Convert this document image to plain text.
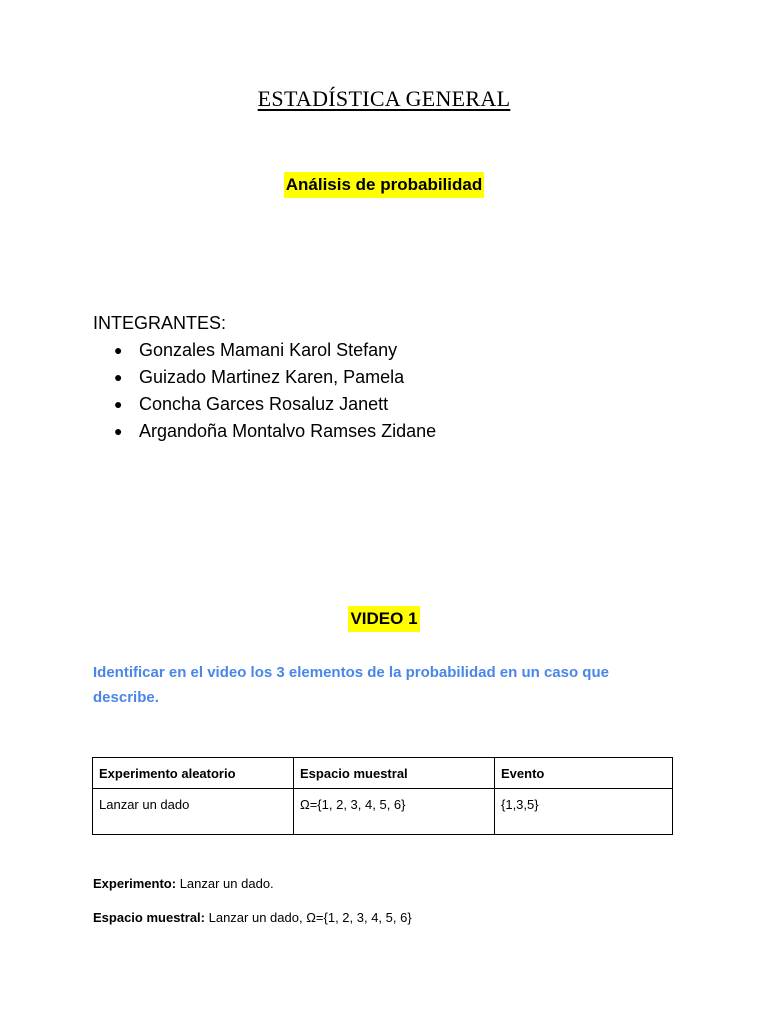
ESTADÍSTICA GENERAL
Análisis de probabilidad

INTEGRANTES:

● Gonzales Mamani Karol Stefany
● Guizado Martinez Karen, Pamela
● Concha Garces Rosaluz Janett
● Argandoña Montalvo Ramses Zidane
VIDEO 1
Identificar en el video los 3 elementos de la probabilidad en un caso que describe.
Experimento aleatorio	Espacio muestral	Evento
Lanzar un dado	Ω={1, 2, 3, 4, 5, 6}	{1,3,5}
Experimento: Lanzar un dado.
Espacio muestral: Lanzar un dado, Ω={1, 2, 3, 4, 5, 6}
